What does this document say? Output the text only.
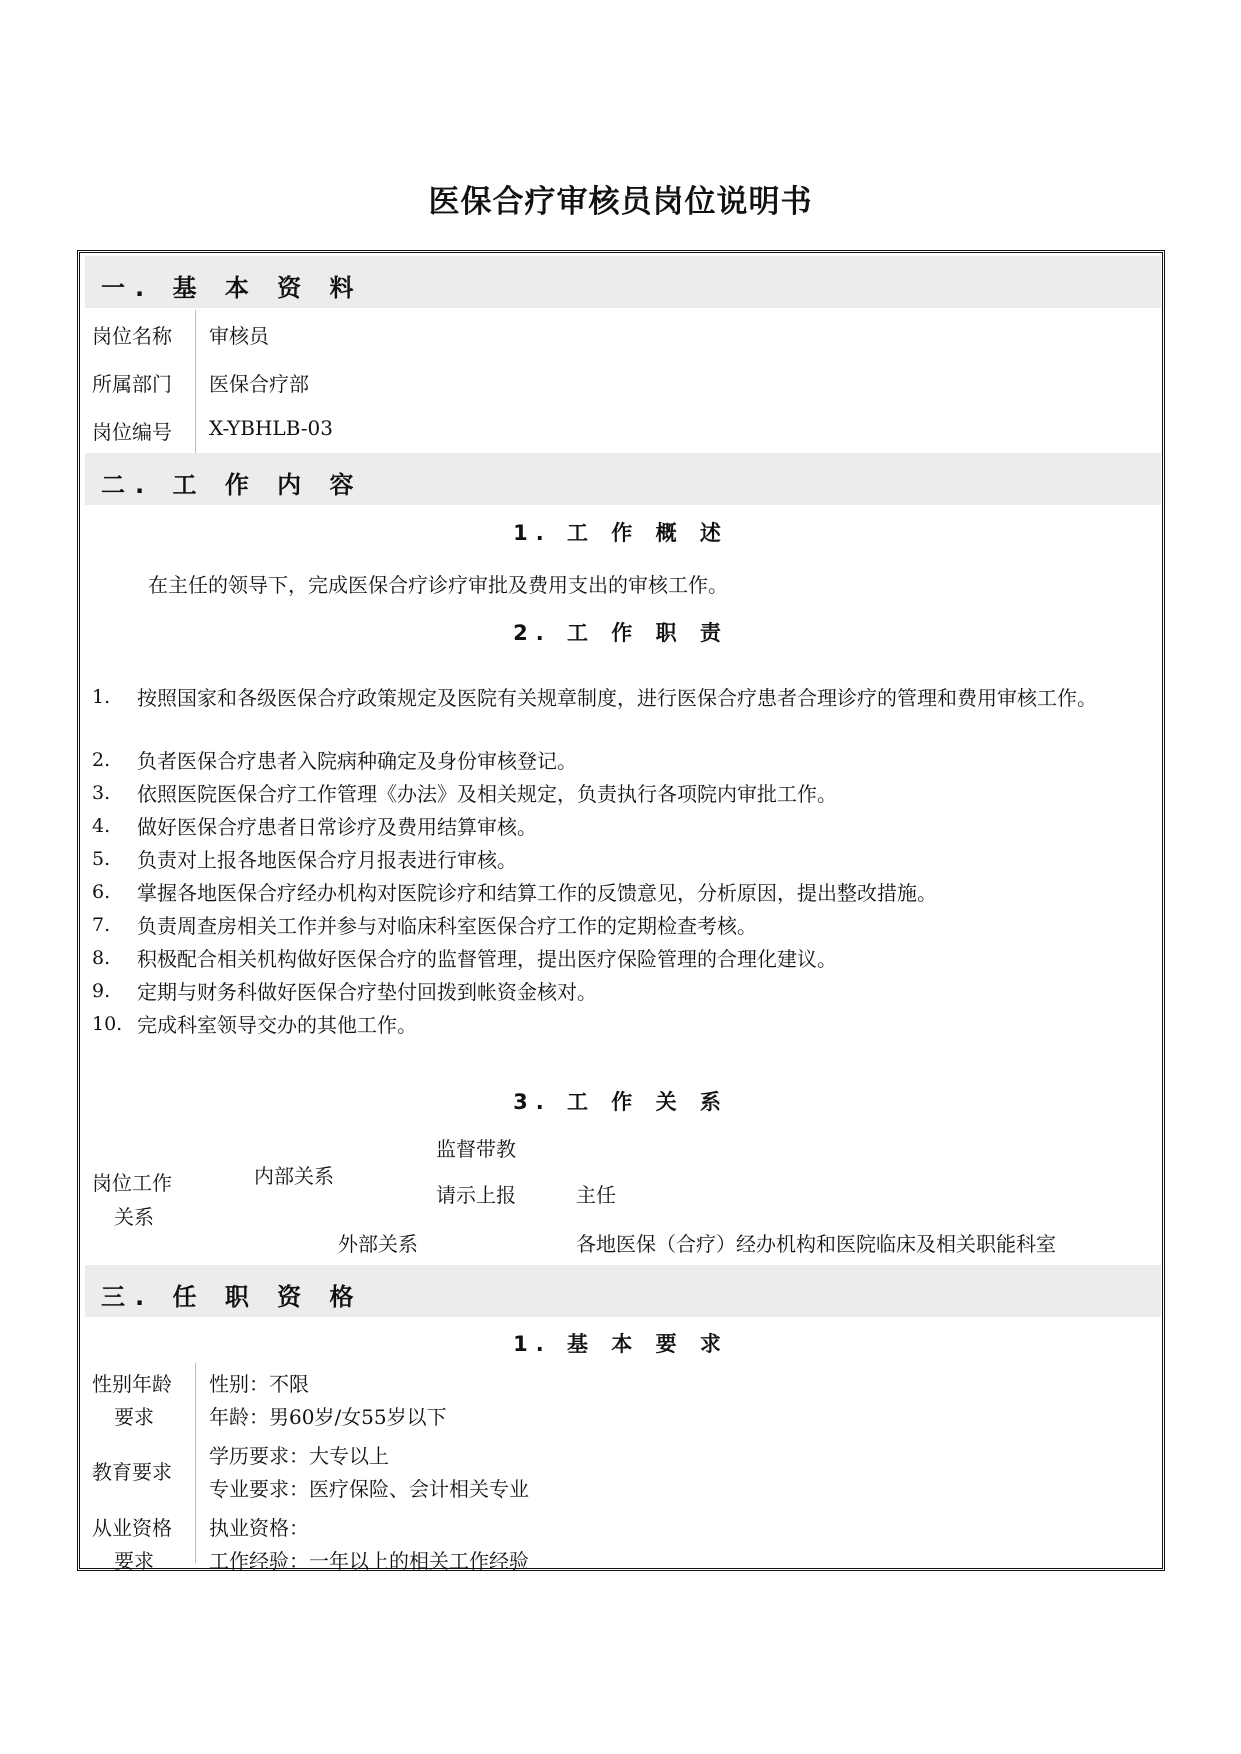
医保合疗审核员岗位说明书
一. 基 本 资 料
岗位名称 审核员
所属部门 医保合疗部
岗位编号 X-YBHLB-03
二. 工 作 内 容
1. 工 作 概 述
在主任的领导下，完成医保合疗诊疗审批及费用支出的审核工作。
2. 工 作 职 责
1. 按照国家和各级医保合疗政策规定及医院有关规章制度，进行医保合疗患者合理诊疗的管理和费用审核工作。
2. 负者医保合疗患者入院病种确定及身份审核登记。
3. 依照医院医保合疗工作管理《办法》及相关规定，负责执行各项院内审批工作。
4. 做好医保合疗患者日常诊疗及费用结算审核。
5. 负责对上报各地医保合疗月报表进行审核。
6. 掌握各地医保合疗经办机构对医院诊疗和结算工作的反馈意见，分析原因，提出整改措施。
7. 负责周查房相关工作并参与对临床科室医保合疗工作的定期检查考核。
8. 积极配合相关机构做好医保合疗的监督管理，提出医疗保险管理的合理化建议。
9. 定期与财务科做好医保合疗垫付回拨到帐资金核对。
10. 完成科室领导交办的其他工作。
3. 工 作 关 系
岗位工作
关系
内部关系
监督带教
请示上报	主任
外部关系	各地医保（合疗）经办机构和医院临床及相关职能科室
三. 任 职 资 格
1. 基 本 要 求
性别年龄
要求
性别：不限
年龄：男60岁/女55岁以下
教育要求
学历要求：大专以上
专业要求：医疗保险、会计相关专业
从业资格
要求
执业资格：
工作经验：一年以上的相关工作经验
